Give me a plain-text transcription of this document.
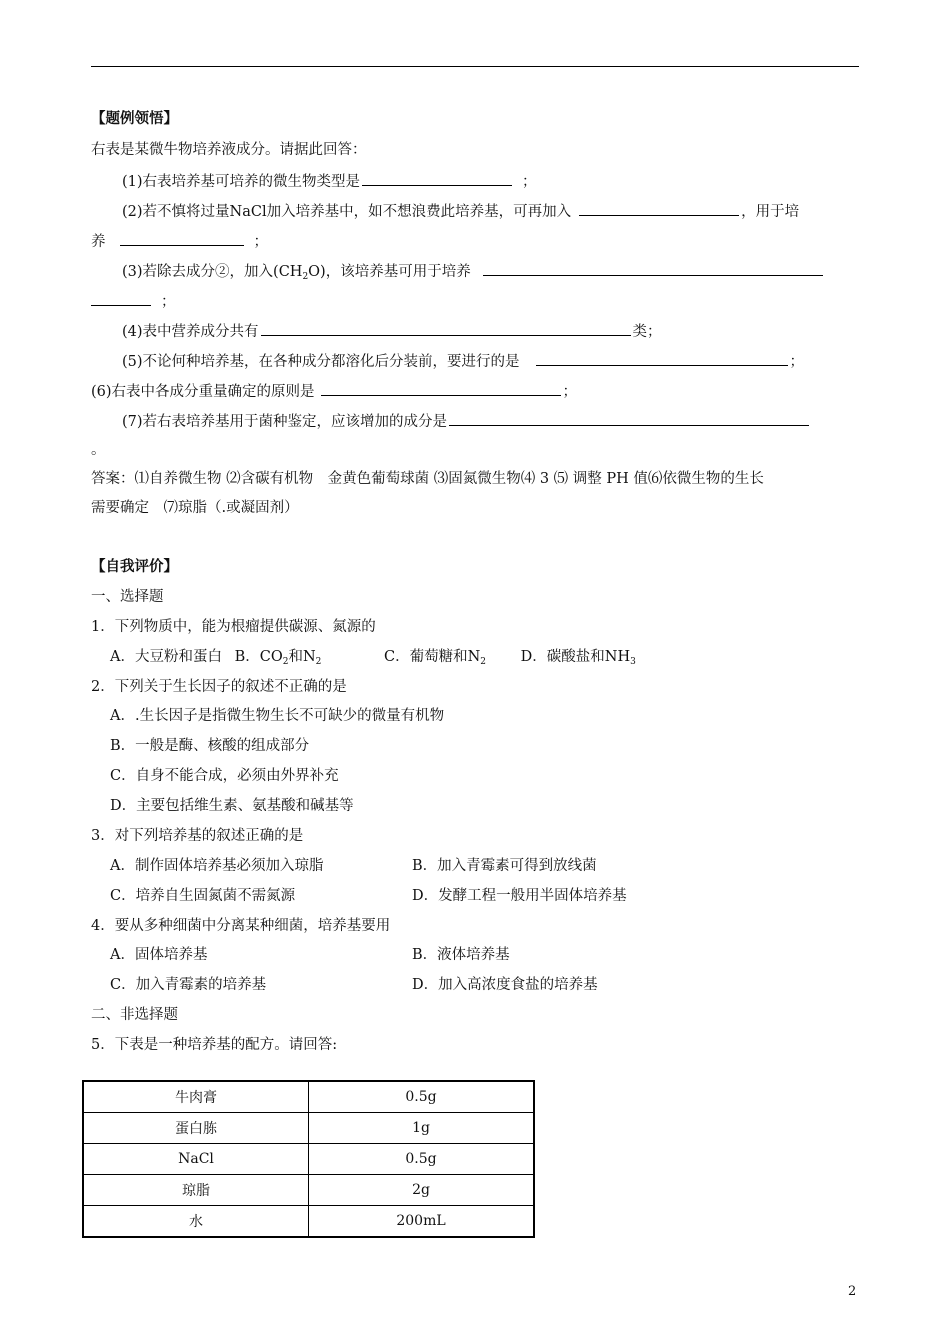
【题例领悟】
右表是某微牛物培养液成分。请据此回答：
(1)右表培养基可培养的微生物类型是	；
(2)若不慎将过量NaCl加入培养基中，如不想浪费此培养基，可再加入	，用于培
养	；
(3)若除去成分②，加入$(CH_2O)$，该培养基可用于培养
；
(4)表中营养成分共有	类；
(5)不论何种培养基，在各种成分都溶化后分装前，要进行的是	；
(6)右表中各成分重量确定的原则是	；
(7)若右表培养基用于菌种鉴定，应该增加的成分是
。
答案：⑴自养微生物 ⑵含碳有机物　金黄色葡萄球菌 ⑶固氮微生物⑷ 3 ⑸ 调整 PH 值⑹依微生物的生长
需要确定　⑺琼脂（.或凝固剂）
【自我评价】
一、选择题
1．下列物质中，能为根瘤提供碳源、氮源的
A．大豆粉和蛋白 B．$CO_2$和$N_2$	C．葡萄糖和$N_2$ D．碳酸盐和$NH_3$
2．下列关于生长因子的叙述不正确的是
A．.生长因子是指微生物生长不可缺少的微量有机物
B．一般是酶、核酸的组成部分
C．自身不能合成，必须由外界补充
D．主要包括维生素、氨基酸和碱基等
3．对下列培养基的叙述正确的是
A．制作固体培养基必须加入琼脂	B．加入青霉素可得到放线菌
C．培养自生固氮菌不需氮源	D．发酵工程一般用半固体培养基
4．要从多种细菌中分离某种细菌，培养基要用
A．固体培养基	B．液体培养基
C．加入青霉素的培养基	D．加入高浓度食盐的培养基
二、非选择题
5．下表是一种培养基的配方。请回答:
牛肉膏	0.5g
蛋白胨	1g
NaCl	0.5g
琼脂	2g
水	200mL
2
